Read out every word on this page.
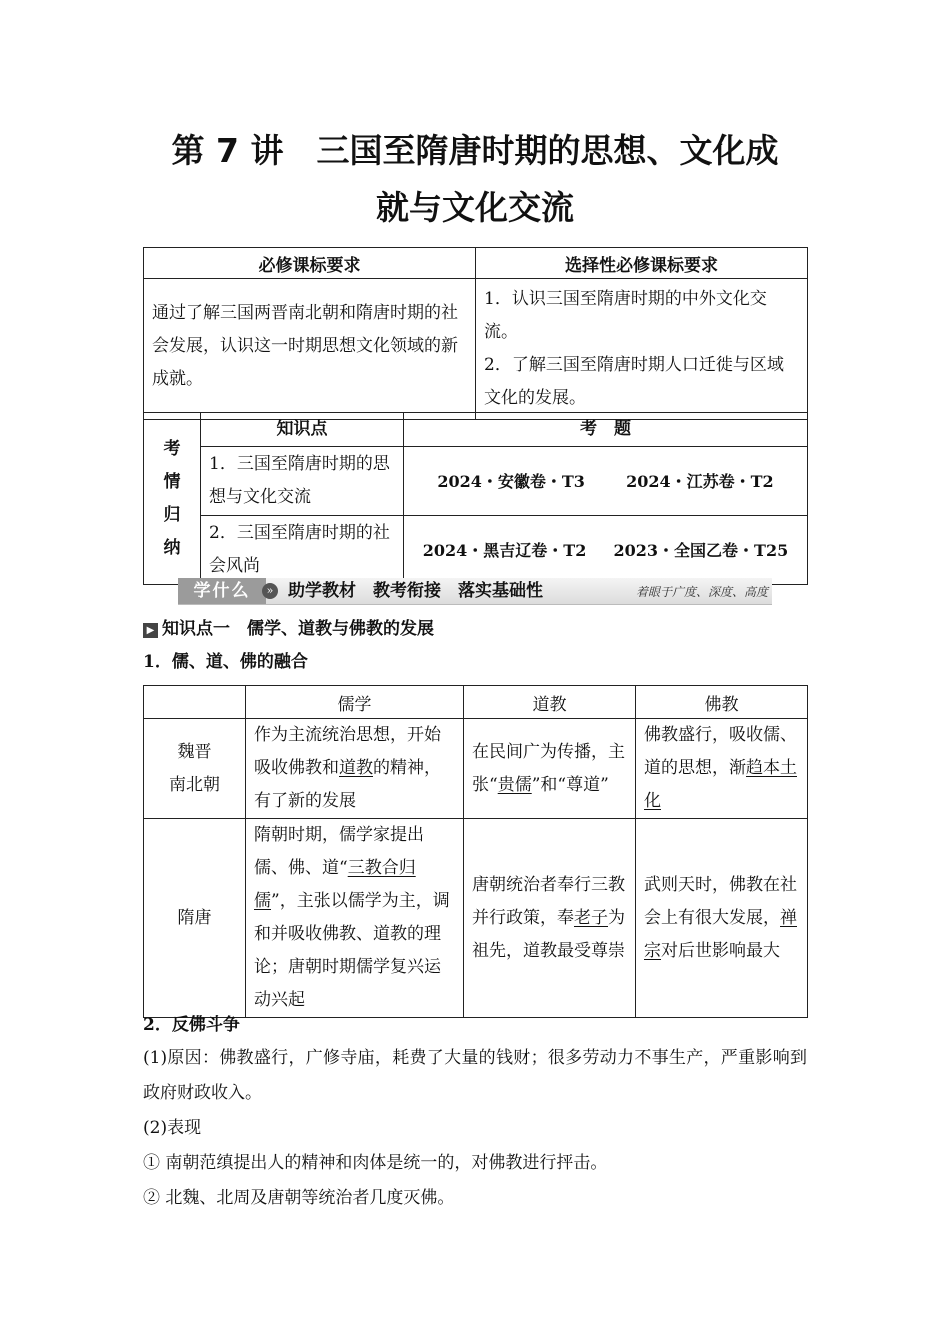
第 7 讲　三国至隋唐时期的思想、文化成
就与文化交流
必修课标要求	选择性必修课标要求

通过了解三国两晋南北朝和隋唐时期的社会发展，认识这一时期思想文化领域的新成就。	1．认识三国至隋唐时期的中外文化交流。
2．了解三国至隋唐时期人口迁徙与区域文化的发展。
考
情
归
纳	知识点	考　题
	1．三国至隋唐时期的思想与文化交流	2024・安徽卷・T3 2024・江苏卷・T2
	2．三国至隋唐时期的社会风尚	2024・黑吉辽卷・T2 2023・全国乙卷・T25
学什么	» 助学教材　教考衔接　落实基础性	着眼于广度、深度、高度
▶ 知识点一　儒学、道教与佛教的发展
1．儒、道、佛的融合
	儒学	道教	佛教

魏晋
南北朝	作为主流统治思想，开始吸收佛教和道教的精神，有了新的发展	在民间广为传播，主张“贵儒”和“尊道”	佛教盛行，吸收儒、道的思想，渐趋本土化
隋唐	隋朝时期，儒学家提出儒、佛、道“三教合归儒”，主张以儒学为主，调和并吸收佛教、道教的理论；唐朝时期儒学复兴运动兴起	唐朝统治者奉行三教并行政策，奉老子为祖先，道教最受尊崇	武则天时，佛教在社会上有很大发展，禅宗对后世影响最大
2．反佛斗争
(1)原因：佛教盛行，广修寺庙，耗费了大量的钱财；很多劳动力不事生产，严重影响到政府财政收入。
(2)表现
① 南朝范缜提出人的精神和肉体是统一的，对佛教进行抨击。
② 北魏、北周及唐朝等统治者几度灭佛。
